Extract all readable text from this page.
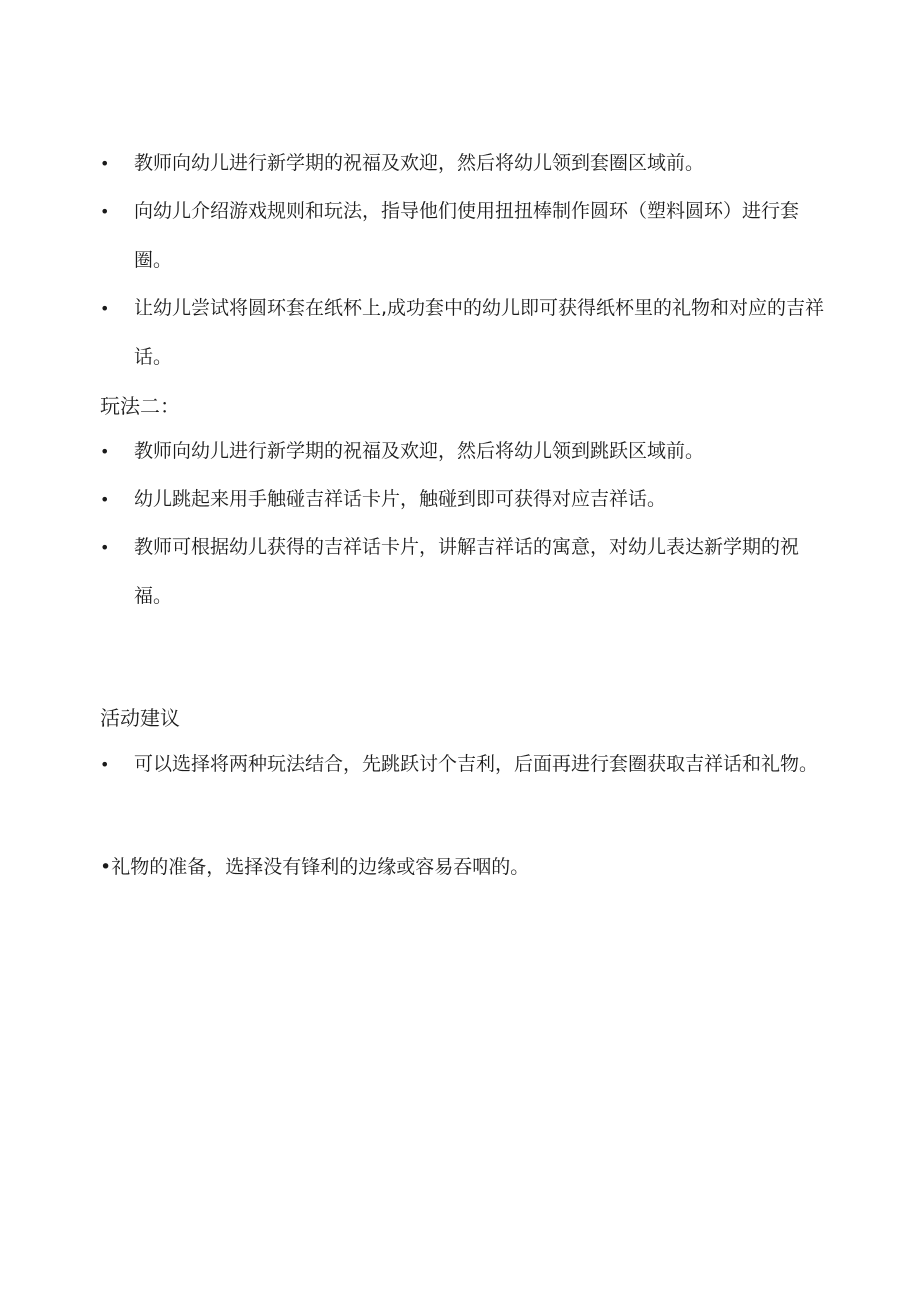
•	教师向幼儿进行新学期的祝福及欢迎，然后将幼儿领到套圈区域前。
•	向幼儿介绍游戏规则和玩法，指导他们使用扭扭棒制作圆环（塑料圆环）进行套圈。
•	让幼儿尝试将圆环套在纸杯上,成功套中的幼儿即可获得纸杯里的礼物和对应的吉祥话。
玩法二：
•	教师向幼儿进行新学期的祝福及欢迎，然后将幼儿领到跳跃区域前。
•	幼儿跳起来用手触碰吉祥话卡片，触碰到即可获得对应吉祥话。
•	教师可根据幼儿获得的吉祥话卡片，讲解吉祥话的寓意，对幼儿表达新学期的祝福。
活动建议
•	可以选择将两种玩法结合，先跳跃讨个吉利，后面再进行套圈获取吉祥话和礼物。
•礼物的准备，选择没有锋利的边缘或容易吞咽的。
